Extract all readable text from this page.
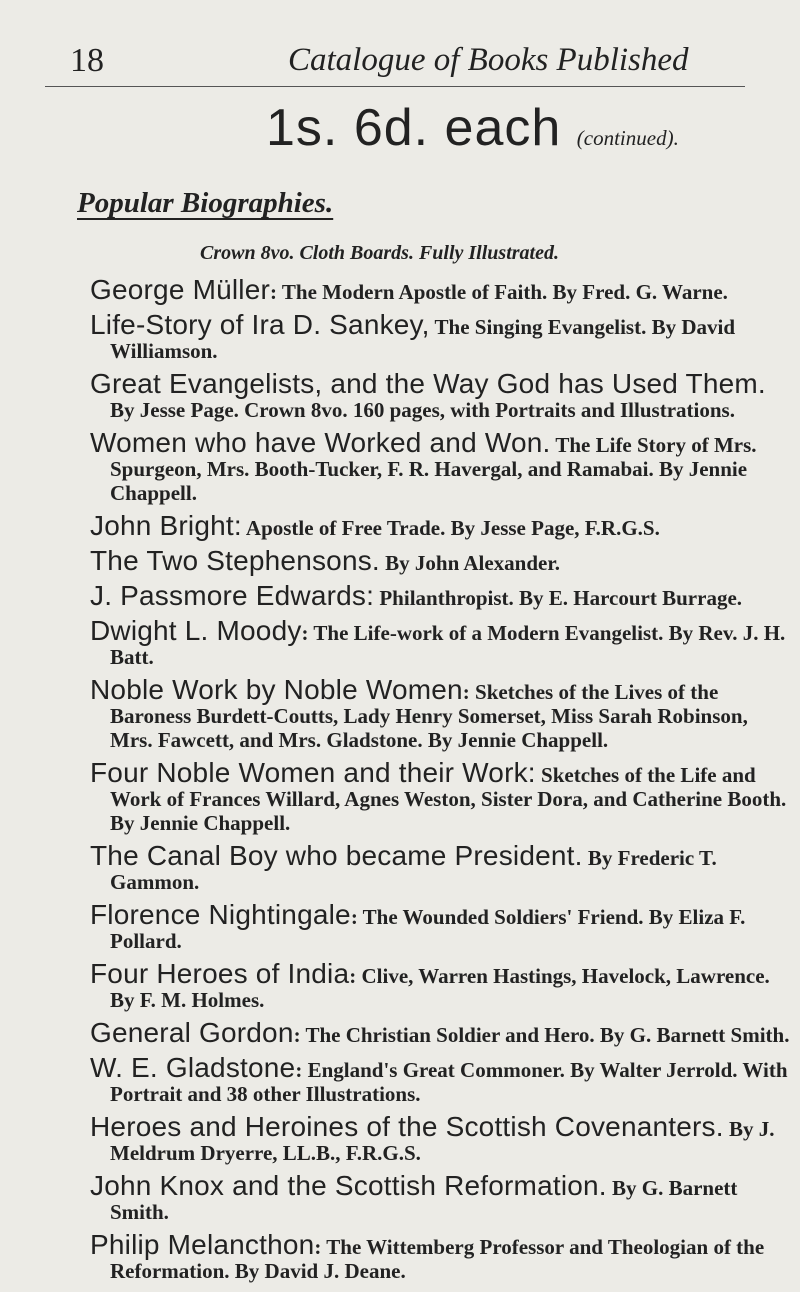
18	Catalogue of Books Published
1s. 6d. each (continued).
Popular Biographies.
Crown 8vo. Cloth Boards. Fully Illustrated.
George Müller: The Modern Apostle of Faith. By Fred. G. Warne.
Life-Story of Ira D. Sankey, The Singing Evangelist. By David Williamson.
Great Evangelists, and the Way God has Used Them. By Jesse Page. Crown 8vo. 160 pages, with Portraits and Illustrations.
Women who have Worked and Won. The Life Story of Mrs. Spurgeon, Mrs. Booth-Tucker, F. R. Havergal, and Ramabai. By Jennie Chappell.
John Bright: Apostle of Free Trade. By Jesse Page, F.R.G.S.
The Two Stephensons. By John Alexander.
J. Passmore Edwards: Philanthropist. By E. Harcourt Burrage.
Dwight L. Moody: The Life-work of a Modern Evangelist. By Rev. J. H. Batt.
Noble Work by Noble Women: Sketches of the Lives of the Baroness Burdett-Coutts, Lady Henry Somerset, Miss Sarah Robinson, Mrs. Fawcett, and Mrs. Gladstone. By Jennie Chappell.
Four Noble Women and their Work: Sketches of the Life and Work of Frances Willard, Agnes Weston, Sister Dora, and Catherine Booth. By Jennie Chappell.
The Canal Boy who became President. By Frederic T. Gammon.
Florence Nightingale: The Wounded Soldiers' Friend. By Eliza F. Pollard.
Four Heroes of India: Clive, Warren Hastings, Havelock, Lawrence. By F. M. Holmes.
General Gordon: The Christian Soldier and Hero. By G. Barnett Smith.
W. E. Gladstone: England's Great Commoner. By Walter Jerrold. With Portrait and 38 other Illustrations.
Heroes and Heroines of the Scottish Covenanters. By J. Meldrum Dryerre, LL.B., F.R.G.S.
John Knox and the Scottish Reformation. By G. Barnett Smith.
Philip Melancthon: The Wittemberg Professor and Theologian of the Reformation. By David J. Deane.
